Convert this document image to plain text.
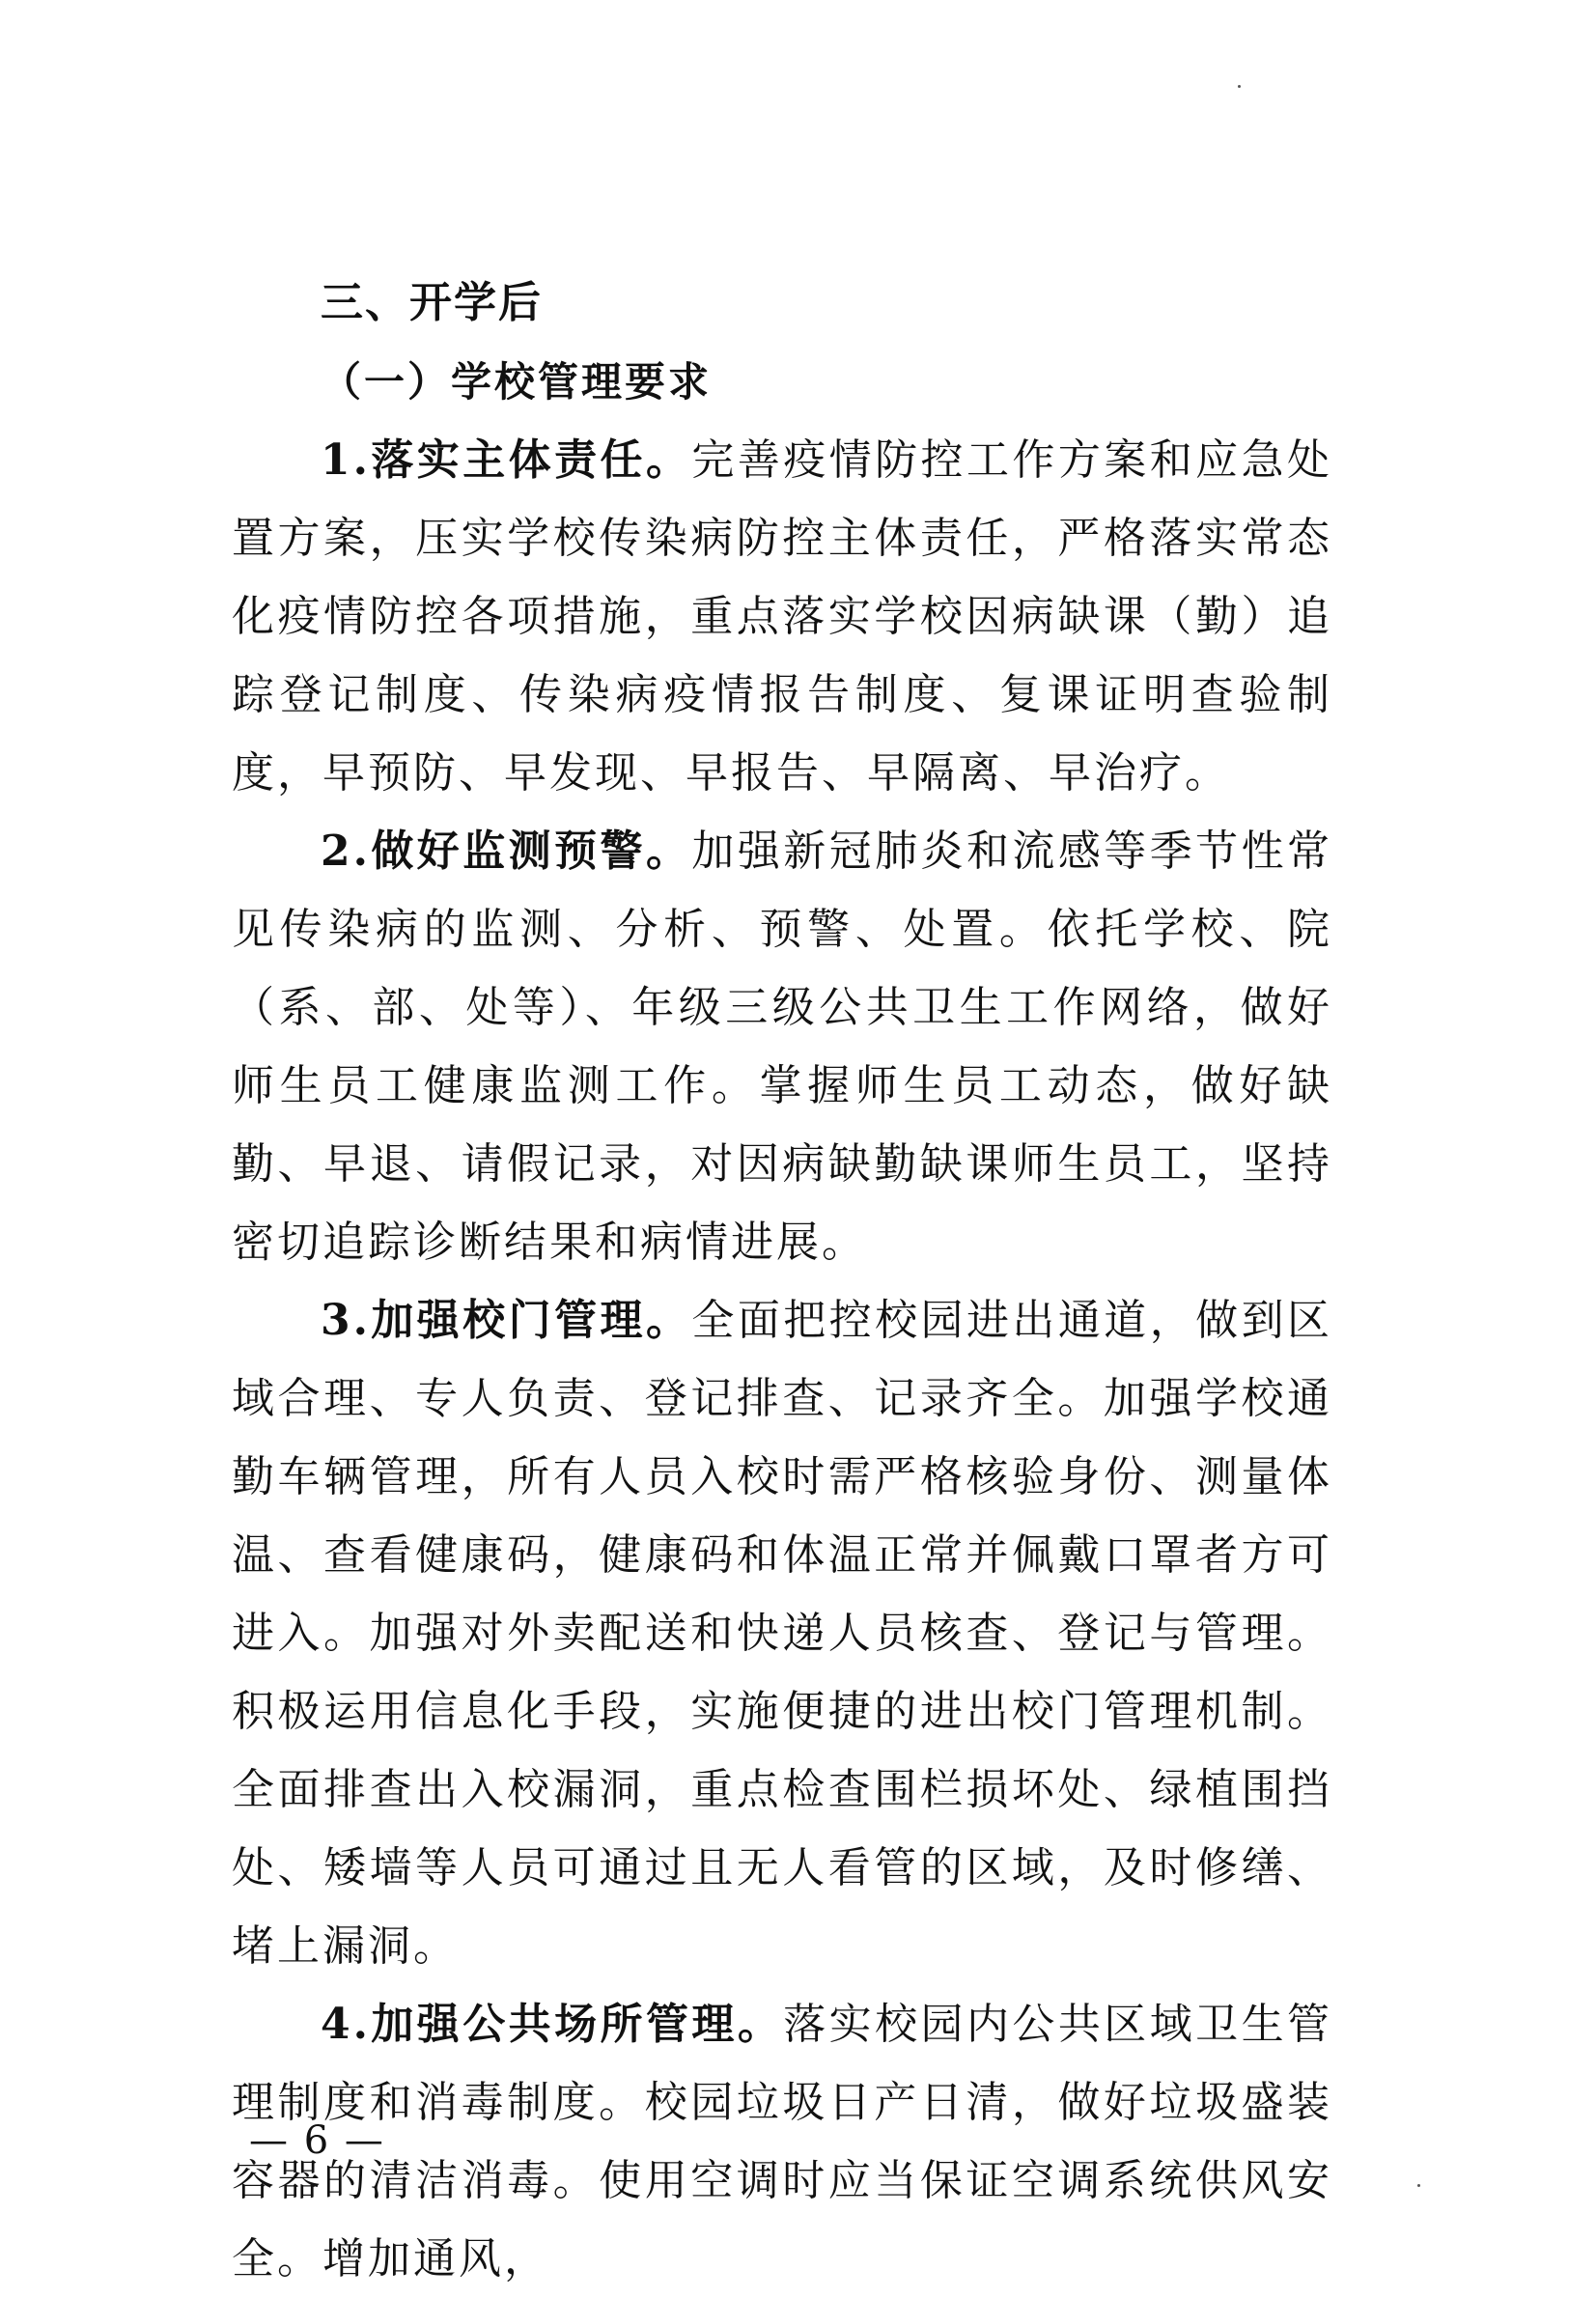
三、开学后
（一）学校管理要求

1.落实主体责任。完善疫情防控工作方案和应急处置方案，压实学校传染病防控主体责任，严格落实常态化疫情防控各项措施，重点落实学校因病缺课（勤）追踪登记制度、传染病疫情报告制度、复课证明查验制度，早预防、早发现、早报告、早隔离、早治疗。

2.做好监测预警。加强新冠肺炎和流感等季节性常见传染病的监测、分析、预警、处置。依托学校、院（系、部、处等）、年级三级公共卫生工作网络，做好师生员工健康监测工作。掌握师生员工动态，做好缺勤、早退、请假记录，对因病缺勤缺课师生员工，坚持密切追踪诊断结果和病情进展。

3.加强校门管理。全面把控校园进出通道，做到区域合理、专人负责、登记排查、记录齐全。加强学校通勤车辆管理，所有人员入校时需严格核验身份、测量体温、查看健康码，健康码和体温正常并佩戴口罩者方可进入。加强对外卖配送和快递人员核查、登记与管理。积极运用信息化手段，实施便捷的进出校门管理机制。全面排查出入校漏洞，重点检查围栏损坏处、绿植围挡处、矮墙等人员可通过且无人看管的区域，及时修缮、堵上漏洞。

4.加强公共场所管理。落实校园内公共区域卫生管理制度和消毒制度。校园垃圾日产日清，做好垃圾盛装容器的清洁消毒。使用空调时应当保证空调系统供风安全。增加通风，

— 6 —
